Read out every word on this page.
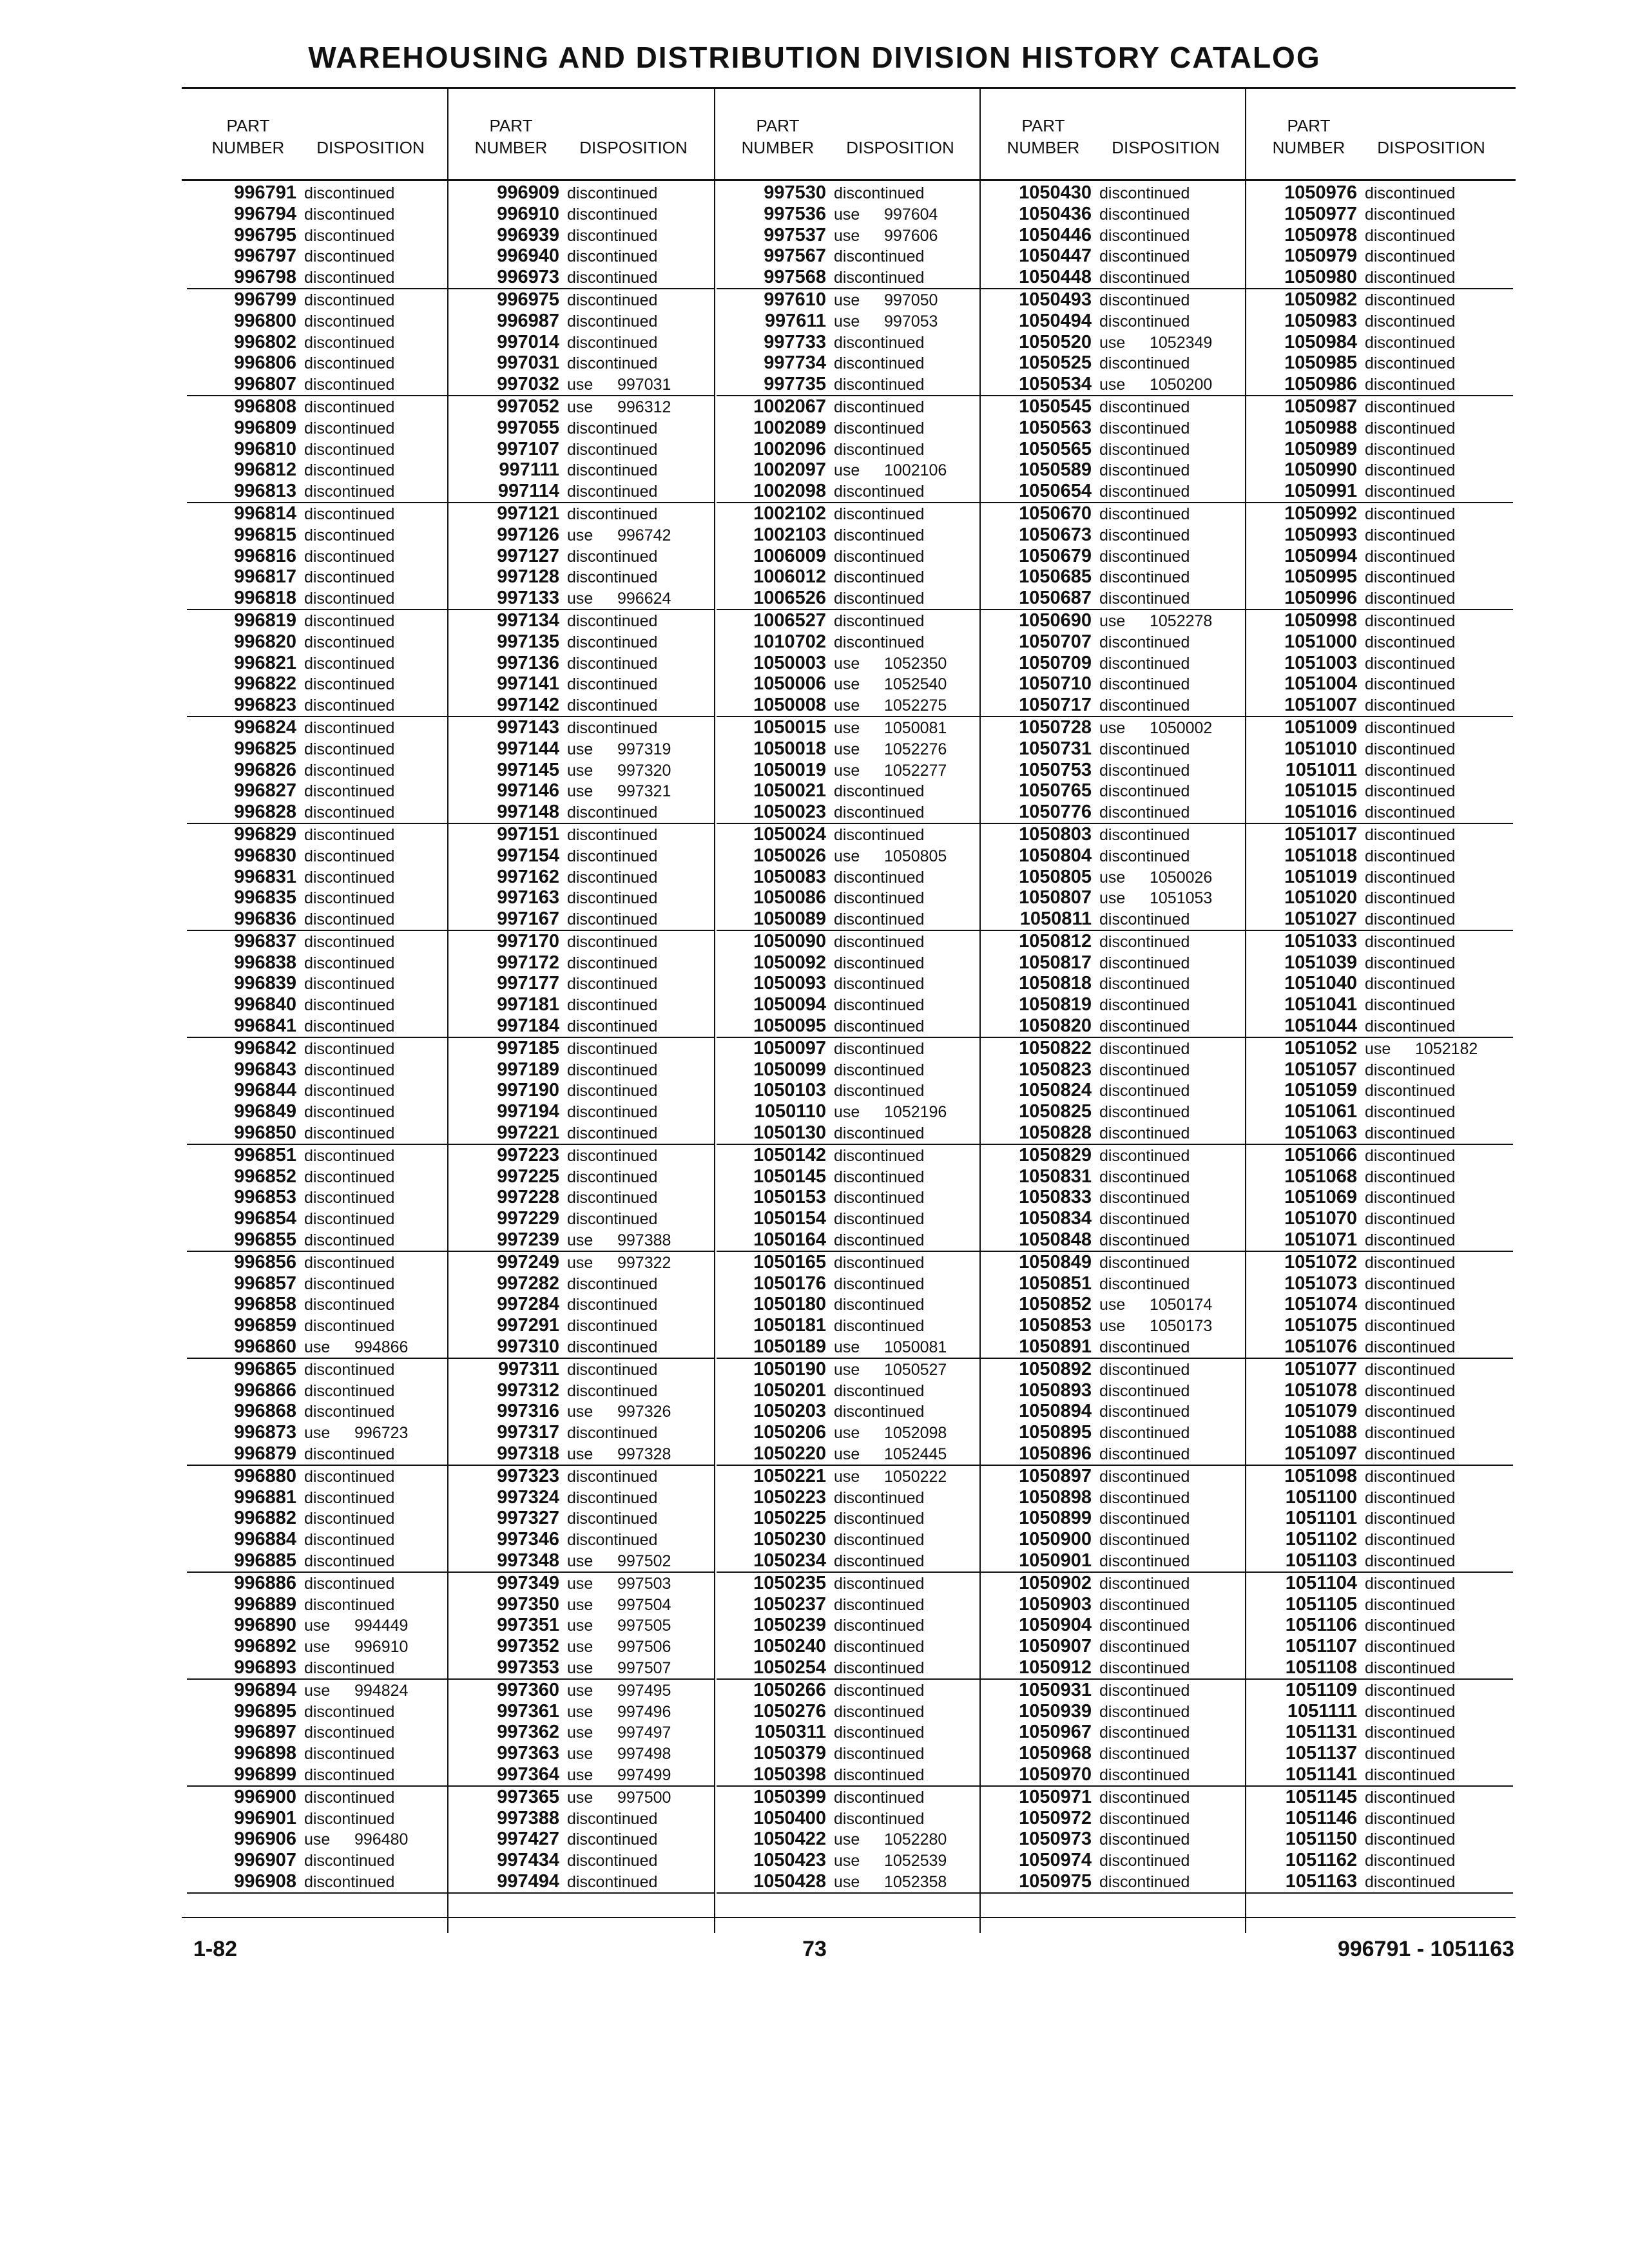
WAREHOUSING AND DISTRIBUTION DIVISION HISTORY CATALOG
PART
NUMBER	DISPOSITION
996791 discontinued
996794 discontinued
996795 discontinued
996797 discontinued
996798 discontinued
996799 discontinued
996800 discontinued
996802 discontinued
996806 discontinued
996807 discontinued
996808 discontinued
996809 discontinued
996810 discontinued
996812 discontinued
996813 discontinued
996814 discontinued
996815 discontinued
996816 discontinued
996817 discontinued
996818 discontinued
996819 discontinued
996820 discontinued
996821 discontinued
996822 discontinued
996823 discontinued
996824 discontinued
996825 discontinued
996826 discontinued
996827 discontinued
996828 discontinued
996829 discontinued
996830 discontinued
996831 discontinued
996835 discontinued
996836 discontinued
996837 discontinued
996838 discontinued
996839 discontinued
996840 discontinued
996841 discontinued
996842 discontinued
996843 discontinued
996844 discontinued
996849 discontinued
996850 discontinued
996851 discontinued
996852 discontinued
996853 discontinued
996854 discontinued
996855 discontinued
996856 discontinued
996857 discontinued
996858 discontinued
996859 discontinued
996860 use 994866
996865 discontinued
996866 discontinued
996868 discontinued
996873 use 996723
996879 discontinued
996880 discontinued
996881 discontinued
996882 discontinued
996884 discontinued
996885 discontinued
996886 discontinued
996889 discontinued
996890 use 994449
996892 use 996910
996893 discontinued
996894 use 994824
996895 discontinued
996897 discontinued
996898 discontinued
996899 discontinued
996900 discontinued
996901 discontinued
996906 use 996480
996907 discontinued
996908 discontinued
PART
NUMBER	DISPOSITION
996909 discontinued
996910 discontinued
996939 discontinued
996940 discontinued
996973 discontinued
996975 discontinued
996987 discontinued
997014 discontinued
997031 discontinued
997032 use 997031
997052 use 996312
997055 discontinued
997107 discontinued
997111 discontinued
997114 discontinued
997121 discontinued
997126 use 996742
997127 discontinued
997128 discontinued
997133 use 996624
997134 discontinued
997135 discontinued
997136 discontinued
997141 discontinued
997142 discontinued
997143 discontinued
997144 use 997319
997145 use 997320
997146 use 997321
997148 discontinued
997151 discontinued
997154 discontinued
997162 discontinued
997163 discontinued
997167 discontinued
997170 discontinued
997172 discontinued
997177 discontinued
997181 discontinued
997184 discontinued
997185 discontinued
997189 discontinued
997190 discontinued
997194 discontinued
997221 discontinued
997223 discontinued
997225 discontinued
997228 discontinued
997229 discontinued
997239 use 997388
997249 use 997322
997282 discontinued
997284 discontinued
997291 discontinued
997310 discontinued
997311 discontinued
997312 discontinued
997316 use 997326
997317 discontinued
997318 use 997328
997323 discontinued
997324 discontinued
997327 discontinued
997346 discontinued
997348 use 997502
997349 use 997503
997350 use 997504
997351 use 997505
997352 use 997506
997353 use 997507
997360 use 997495
997361 use 997496
997362 use 997497
997363 use 997498
997364 use 997499
997365 use 997500
997388 discontinued
997427 discontinued
997434 discontinued
997494 discontinued
PART
NUMBER	DISPOSITION
997530 discontinued
997536 use 997604
997537 use 997606
997567 discontinued
997568 discontinued
997610 use 997050
997611 use 997053
997733 discontinued
997734 discontinued
997735 discontinued
1002067 discontinued
1002089 discontinued
1002096 discontinued
1002097 use 1002106
1002098 discontinued
1002102 discontinued
1002103 discontinued
1006009 discontinued
1006012 discontinued
1006526 discontinued
1006527 discontinued
1010702 discontinued
1050003 use 1052350
1050006 use 1052540
1050008 use 1052275
1050015 use 1050081
1050018 use 1052276
1050019 use 1052277
1050021 discontinued
1050023 discontinued
1050024 discontinued
1050026 use 1050805
1050083 discontinued
1050086 discontinued
1050089 discontinued
1050090 discontinued
1050092 discontinued
1050093 discontinued
1050094 discontinued
1050095 discontinued
1050097 discontinued
1050099 discontinued
1050103 discontinued
1050110 use 1052196
1050130 discontinued
1050142 discontinued
1050145 discontinued
1050153 discontinued
1050154 discontinued
1050164 discontinued
1050165 discontinued
1050176 discontinued
1050180 discontinued
1050181 discontinued
1050189 use 1050081
1050190 use 1050527
1050201 discontinued
1050203 discontinued
1050206 use 1052098
1050220 use 1052445
1050221 use 1050222
1050223 discontinued
1050225 discontinued
1050230 discontinued
1050234 discontinued
1050235 discontinued
1050237 discontinued
1050239 discontinued
1050240 discontinued
1050254 discontinued
1050266 discontinued
1050276 discontinued
1050311 discontinued
1050379 discontinued
1050398 discontinued
1050399 discontinued
1050400 discontinued
1050422 use 1052280
1050423 use 1052539
1050428 use 1052358
PART
NUMBER	DISPOSITION
1050430 discontinued
1050436 discontinued
1050446 discontinued
1050447 discontinued
1050448 discontinued
1050493 discontinued
1050494 discontinued
1050520 use 1052349
1050525 discontinued
1050534 use 1050200
1050545 discontinued
1050563 discontinued
1050565 discontinued
1050589 discontinued
1050654 discontinued
1050670 discontinued
1050673 discontinued
1050679 discontinued
1050685 discontinued
1050687 discontinued
1050690 use 1052278
1050707 discontinued
1050709 discontinued
1050710 discontinued
1050717 discontinued
1050728 use 1050002
1050731 discontinued
1050753 discontinued
1050765 discontinued
1050776 discontinued
1050803 discontinued
1050804 discontinued
1050805 use 1050026
1050807 use 1051053
1050811 discontinued
1050812 discontinued
1050817 discontinued
1050818 discontinued
1050819 discontinued
1050820 discontinued
1050822 discontinued
1050823 discontinued
1050824 discontinued
1050825 discontinued
1050828 discontinued
1050829 discontinued
1050831 discontinued
1050833 discontinued
1050834 discontinued
1050848 discontinued
1050849 discontinued
1050851 discontinued
1050852 use 1050174
1050853 use 1050173
1050891 discontinued
1050892 discontinued
1050893 discontinued
1050894 discontinued
1050895 discontinued
1050896 discontinued
1050897 discontinued
1050898 discontinued
1050899 discontinued
1050900 discontinued
1050901 discontinued
1050902 discontinued
1050903 discontinued
1050904 discontinued
1050907 discontinued
1050912 discontinued
1050931 discontinued
1050939 discontinued
1050967 discontinued
1050968 discontinued
1050970 discontinued
1050971 discontinued
1050972 discontinued
1050973 discontinued
1050974 discontinued
1050975 discontinued
PART
NUMBER	DISPOSITION
1050976 discontinued
1050977 discontinued
1050978 discontinued
1050979 discontinued
1050980 discontinued
1050982 discontinued
1050983 discontinued
1050984 discontinued
1050985 discontinued
1050986 discontinued
1050987 discontinued
1050988 discontinued
1050989 discontinued
1050990 discontinued
1050991 discontinued
1050992 discontinued
1050993 discontinued
1050994 discontinued
1050995 discontinued
1050996 discontinued
1050998 discontinued
1051000 discontinued
1051003 discontinued
1051004 discontinued
1051007 discontinued
1051009 discontinued
1051010 discontinued
1051011 discontinued
1051015 discontinued
1051016 discontinued
1051017 discontinued
1051018 discontinued
1051019 discontinued
1051020 discontinued
1051027 discontinued
1051033 discontinued
1051039 discontinued
1051040 discontinued
1051041 discontinued
1051044 discontinued
1051052 use 1052182
1051057 discontinued
1051059 discontinued
1051061 discontinued
1051063 discontinued
1051066 discontinued
1051068 discontinued
1051069 discontinued
1051070 discontinued
1051071 discontinued
1051072 discontinued
1051073 discontinued
1051074 discontinued
1051075 discontinued
1051076 discontinued
1051077 discontinued
1051078 discontinued
1051079 discontinued
1051088 discontinued
1051097 discontinued
1051098 discontinued
1051100 discontinued
1051101 discontinued
1051102 discontinued
1051103 discontinued
1051104 discontinued
1051105 discontinued
1051106 discontinued
1051107 discontinued
1051108 discontinued
1051109 discontinued
1051111 discontinued
1051131 discontinued
1051137 discontinued
1051141 discontinued
1051145 discontinued
1051146 discontinued
1051150 discontinued
1051162 discontinued
1051163 discontinued
1-82	73	996791 - 1051163
